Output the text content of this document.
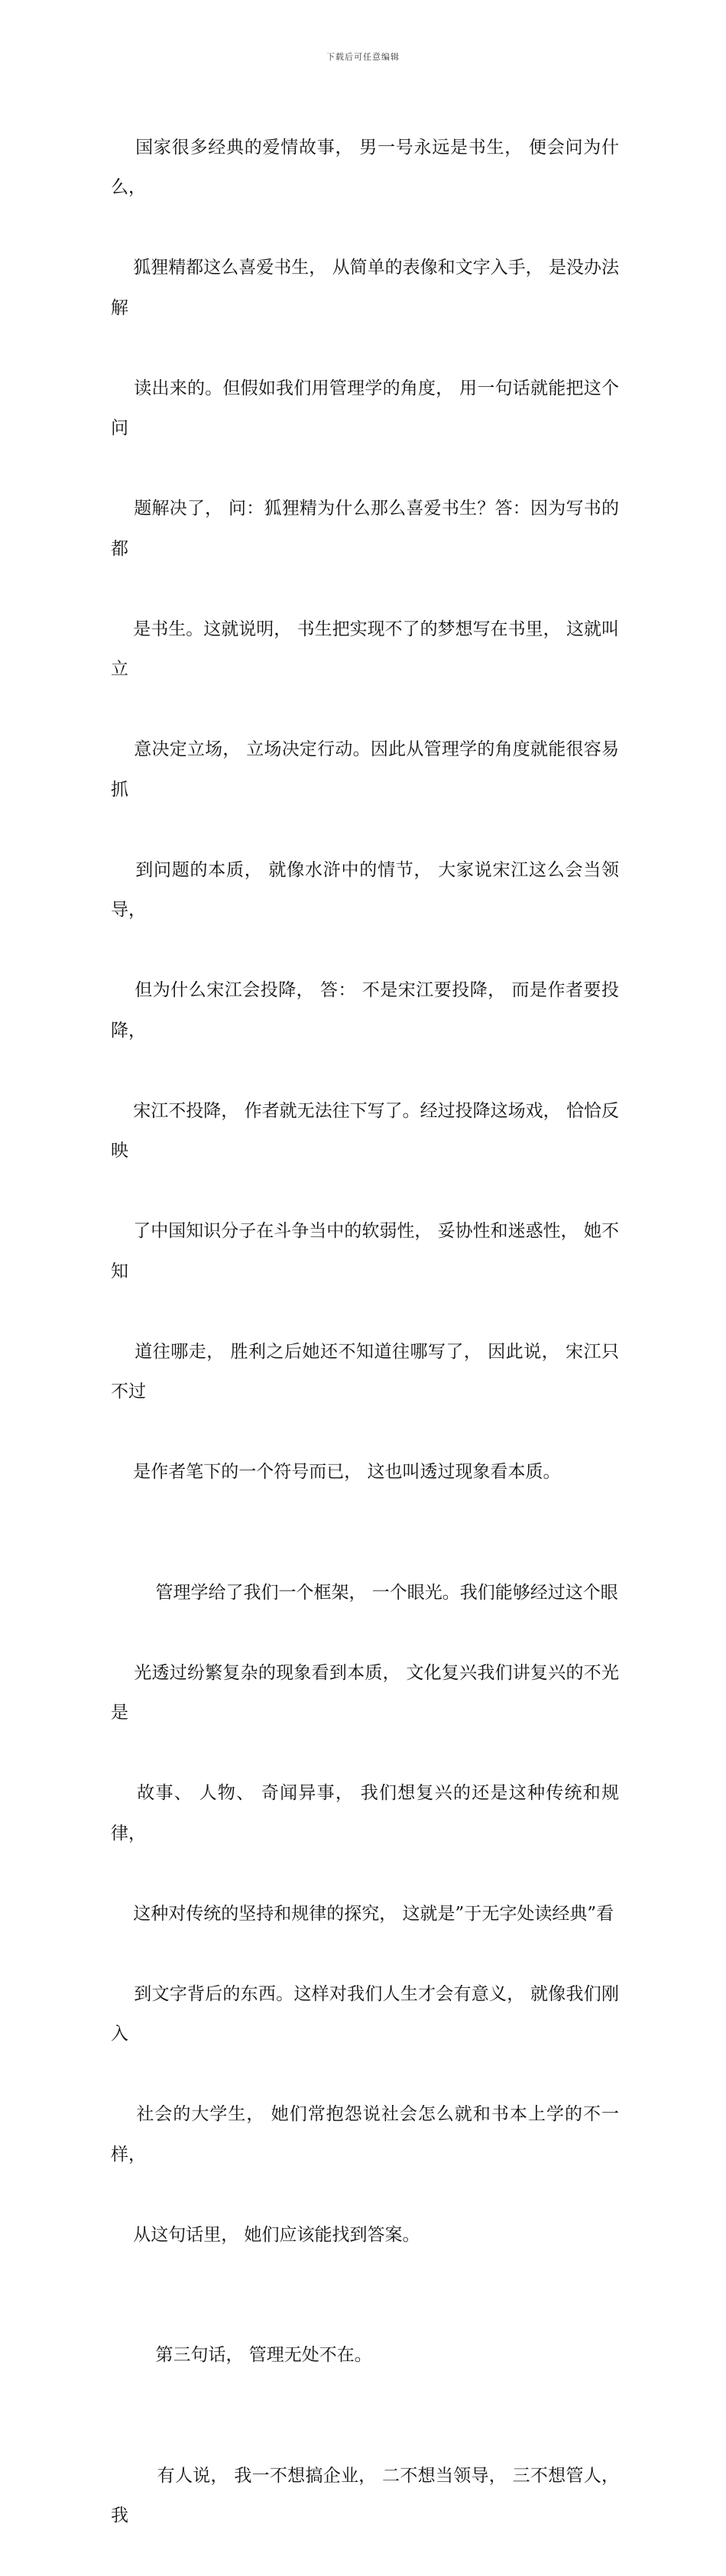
下载后可任意编辑

国家很多经典的爱情故事， 男一号永远是书生， 便会问为什么，

狐狸精都这么喜爱书生， 从简单的表像和文字入手， 是没办法解

读出来的。但假如我们用管理学的角度， 用一句话就能把这个问

题解决了， 问：狐狸精为什么那么喜爱书生？答：因为写书的都

是书生。这就说明， 书生把实现不了的梦想写在书里， 这就叫立

意决定立场， 立场决定行动。因此从管理学的角度就能很容易抓

到问题的本质， 就像水浒中的情节， 大家说宋江这么会当领导，

但为什么宋江会投降， 答： 不是宋江要投降， 而是作者要投降，

宋江不投降， 作者就无法往下写了。经过投降这场戏， 恰恰反映

了中国知识分子在斗争当中的软弱性， 妥协性和迷惑性， 她不知

道往哪走， 胜利之后她还不知道往哪写了， 因此说， 宋江只不过

是作者笔下的一个符号而已， 这也叫透过现象看本质。

管理学给了我们一个框架， 一个眼光。我们能够经过这个眼

光透过纷繁复杂的现象看到本质， 文化复兴我们讲复兴的不光是

故事、 人物、 奇闻异事， 我们想复兴的还是这种传统和规律，

这种对传统的坚持和规律的探究， 这就是”于无字处读经典”看

到文字背后的东西。这样对我们人生才会有意义， 就像我们刚入

社会的大学生， 她们常抱怨说社会怎么就和书本上学的不一样，

从这句话里， 她们应该能找到答案。

第三句话， 管理无处不在。

有人说， 我一不想搞企业， 二不想当领导， 三不想管人， 我
